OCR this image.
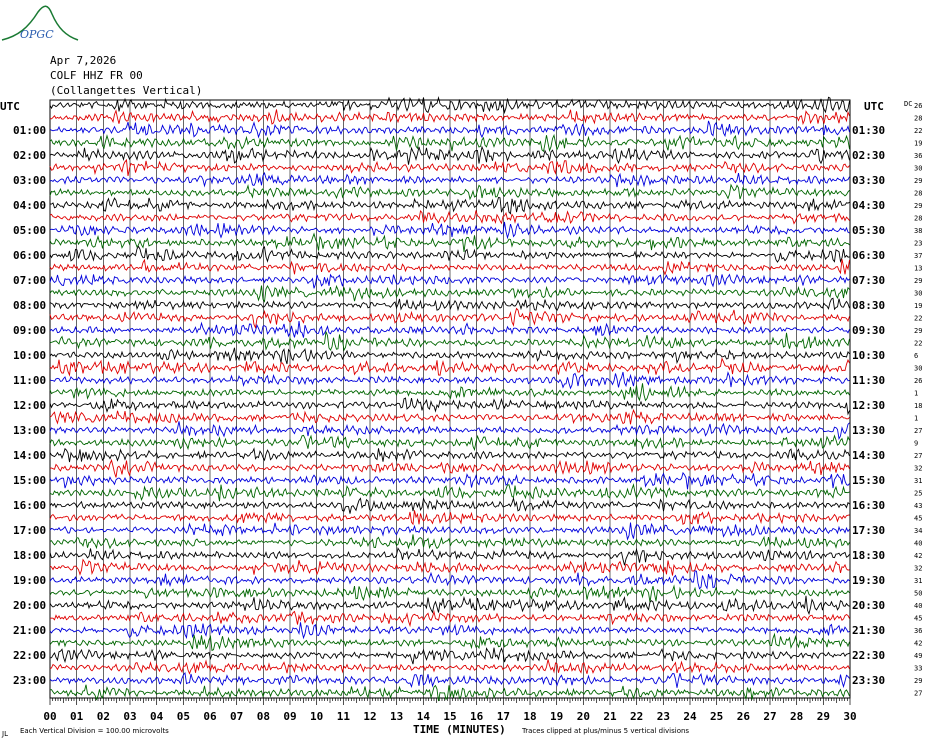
OPGC
Apr 7,2026
COLF HHZ FR 00
(Collangettes Vertical)
26
28
22
19
36
30
29
28
29
28
38
23
37
13
29
30
19
22
29
22
6
30
26
1
18
1
27
9
27
32
31
25
43
45
34
40
42
32
31
50
40
45
36
42
49
33
29
27
01:00	01:30
02:00	02:30
03:00	03:30
04:00	04:30
05:00	05:30
06:00	06:30
07:00	07:30
08:00	08:30
09:00	09:30
10:00	10:30
11:00	11:30
12:00	12:30
13:00	13:30
14:00	14:30
15:00	15:30
16:00	16:30
17:00	17:30
18:00	18:30
19:00	19:30
20:00	20:30
21:00	21:30
22:00	22:30
23:00	23:30
00 01 02 03 04 05 06 07 08 09 10 11 12 13 14 15 16 17 18 19 20 21 22 23 24 25 26 27 28 29 30
UTC	UTC	DC
TIME (MINUTES)
Each Vertical Division = 100.00 microvolts	Traces clipped at plus/minus 5 vertical divisions
JL
